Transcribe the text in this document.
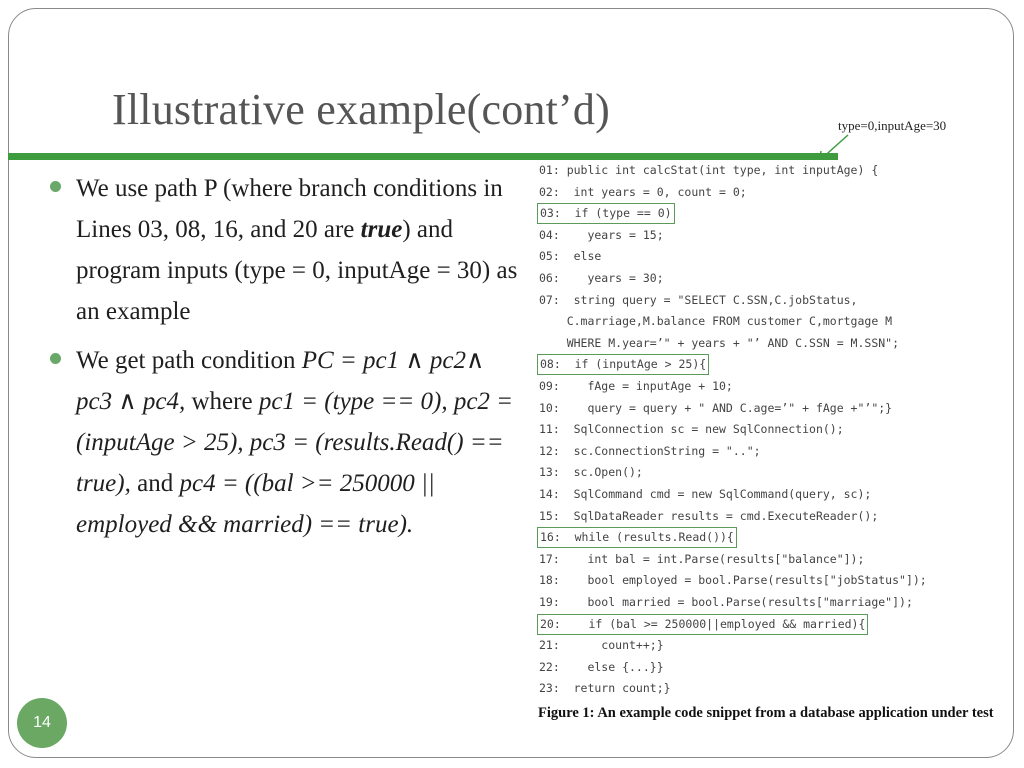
Illustrative example(cont’d)	type=0,inputAge=30
We use path P (where branch conditions in Lines 03, 08, 16, and 20 are true) and program inputs (type = 0, inputAge = 30) as an example
We get path condition PC = pc1 ∧ pc2∧ pc3 ∧ pc4, where pc1 = (type == 0), pc2 = (inputAge > 25), pc3 = (results.Read() == true), and pc4 = ((bal >= 250000 || employed && married) == true).
01: public int calcStat(int type, int inputAge) {
02:  int years = 0, count = 0;
03:  if (type == 0)
04:    years = 15;
05:  else
06:    years = 30;
07:  string query = "SELECT C.SSN,C.jobStatus,
C.marriage,M.balance FROM customer C,mortgage M
WHERE M.year=’" + years + "’ AND C.SSN = M.SSN";
08:  if (inputAge > 25){
09:    fAge = inputAge + 10;
10:    query = query + " AND C.age=’" + fAge +"’";}
11:  SqlConnection sc = new SqlConnection();
12:  sc.ConnectionString = "..";
13:  sc.Open();
14:  SqlCommand cmd = new SqlCommand(query, sc);
15:  SqlDataReader results = cmd.ExecuteReader();
16:  while (results.Read()){
17:    int bal = int.Parse(results["balance"]);
18:    bool employed = bool.Parse(results["jobStatus"]);
19:    bool married = bool.Parse(results["marriage"]);
20:    if (bal >= 250000||employed && married){
21:      count++;}
22:    else {...}}
23:  return count;}
Figure 1: An example code snippet from a database application under test
14
